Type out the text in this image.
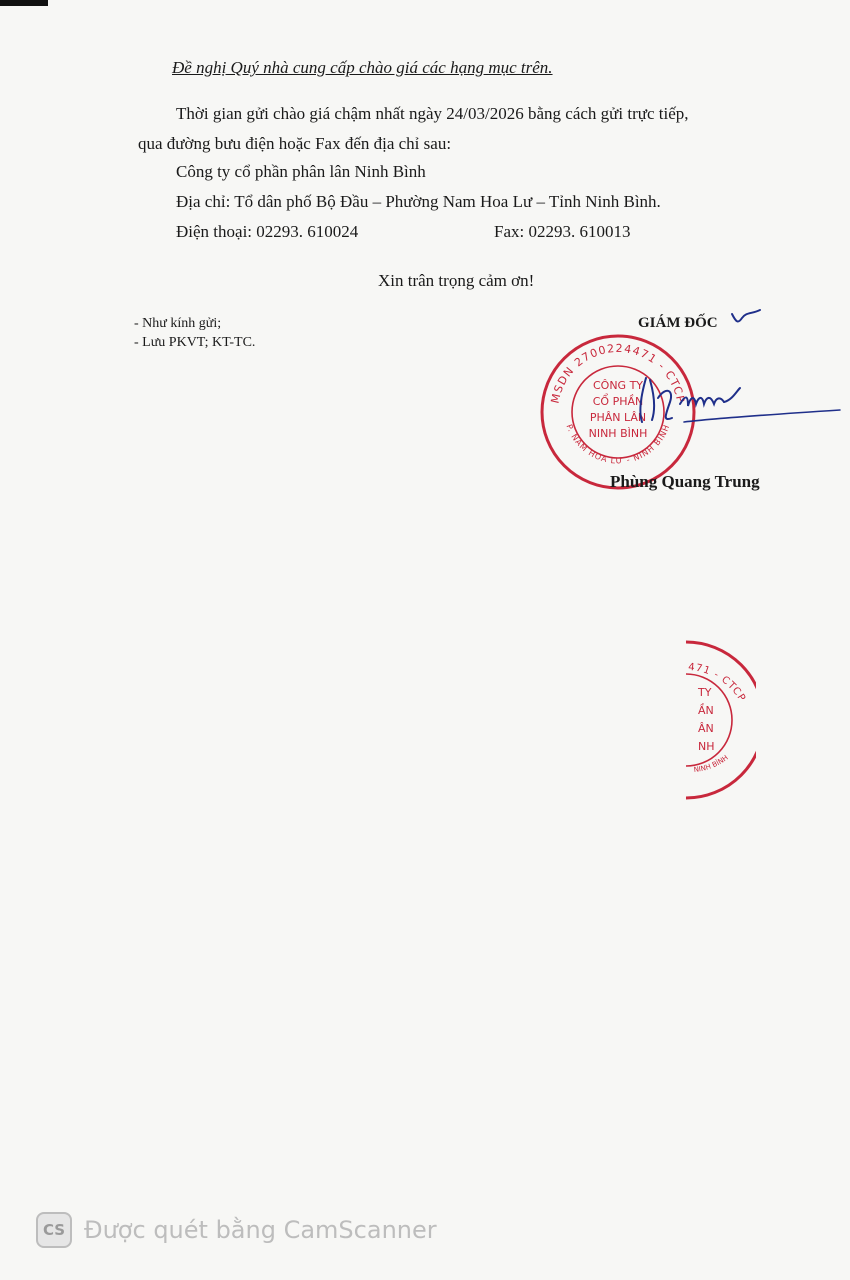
Đề nghị Quý nhà cung cấp chào giá các hạng mục trên.
Thời gian gửi chào giá chậm nhất ngày 24/03/2026 bằng cách gửi trực tiếp,
qua đường bưu điện hoặc Fax đến địa chỉ sau:
Công ty cổ phần phân lân Ninh Bình
Địa chỉ: Tổ dân phố Bộ Đầu – Phường Nam Hoa Lư – Tỉnh Ninh Bình.
Điện thoại: 02293. 610024	Fax: 02293. 610013
Xin trân trọng cảm ơn!
- Như kính gửi;
- Lưu PKVT; KT-TC.
GIÁM ĐỐC
MSDN 2700224471 - CTCP
P. NAM HOA LƯ - NINH BÌNH
CÔNG TY
CỔ PHẦN
PHÂN LÂN
NINH BÌNH
Phùng Quang Trung
471 - CTCP
NINH BÌNH
TY
ẦN
ÂN
NH
CS Được quét bằng CamScanner
